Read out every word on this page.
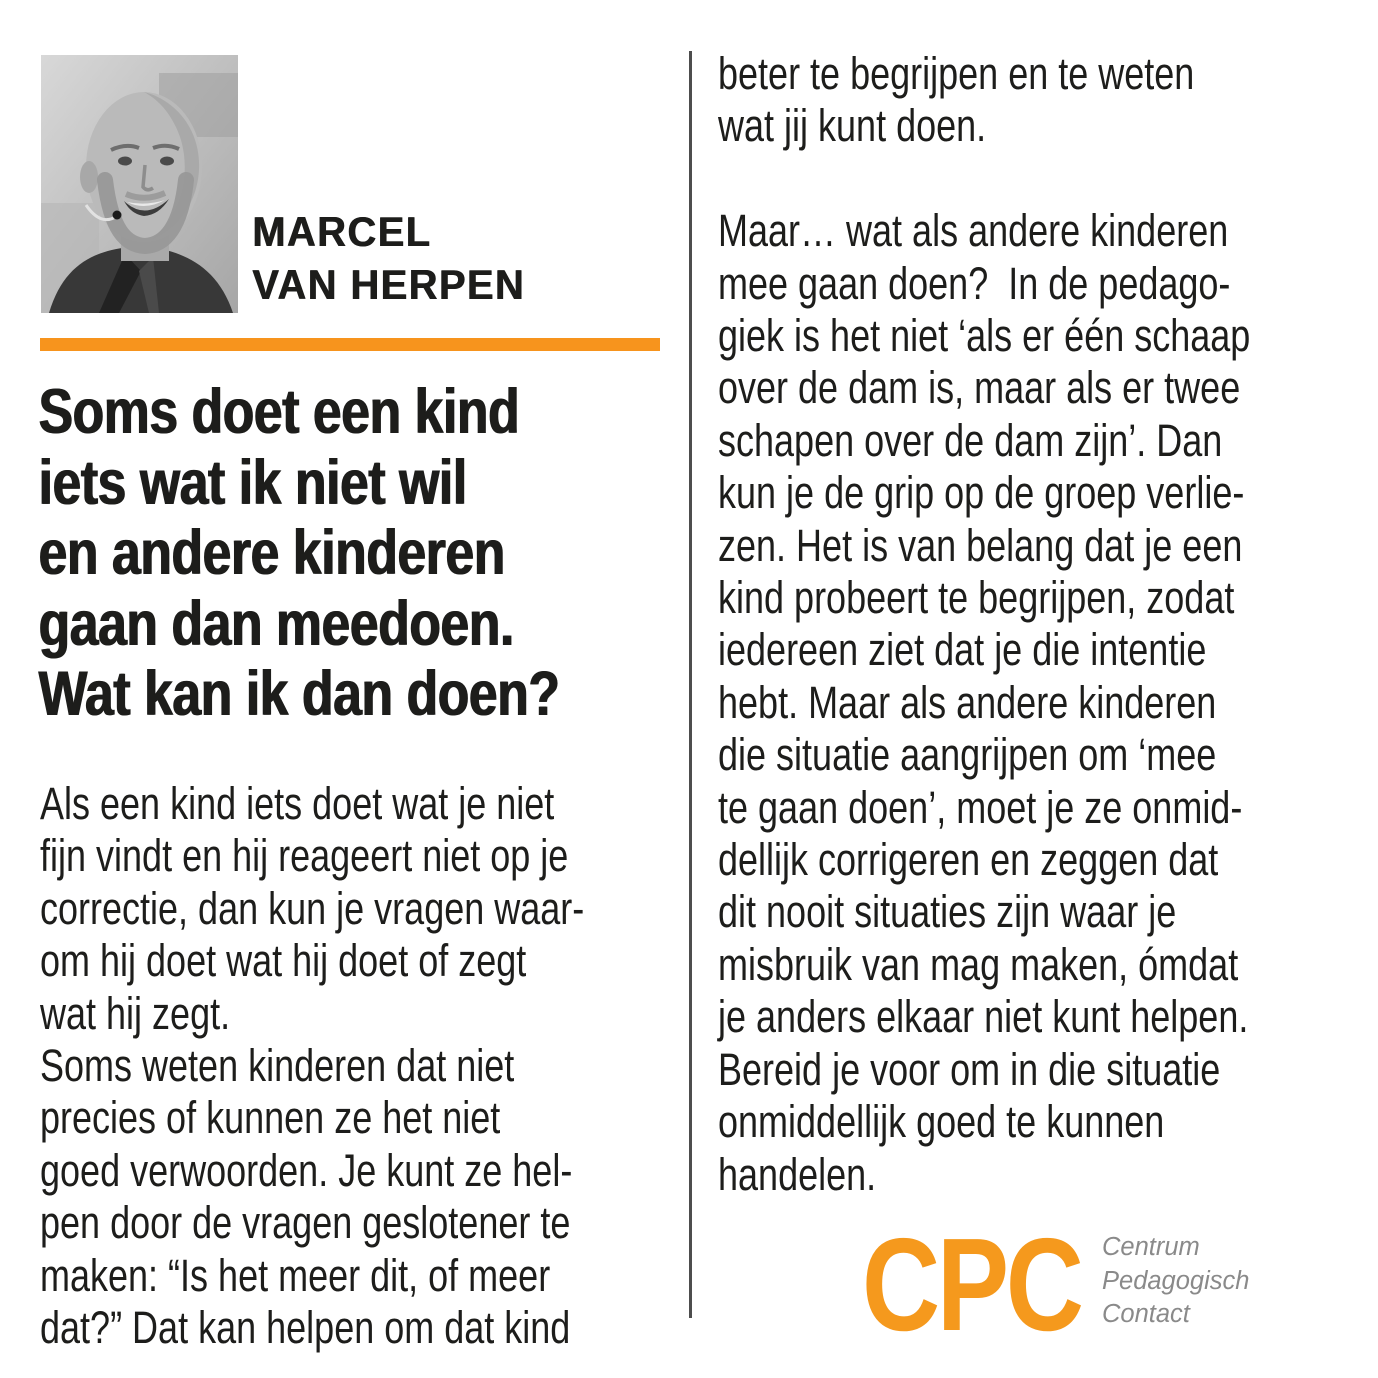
MARCEL
VAN HERPEN
Soms doet een kind
iets wat ik niet wil
en andere kinderen
gaan dan meedoen.
Wat kan ik dan doen?
Als een kind iets doet wat je niet
fijn vindt en hij reageert niet op je
correctie, dan kun je vragen waar-
om hij doet wat hij doet of zegt
wat hij zegt.
Soms weten kinderen dat niet
precies of kunnen ze het niet
goed verwoorden. Je kunt ze hel-
pen door de vragen geslotener te
maken: “Is het meer dit, of meer
dat?” Dat kan helpen om dat kind
beter te begrijpen en te weten
wat jij kunt doen.
Maar… wat als andere kinderen
mee gaan doen?  In de pedago-
giek is het niet ‘als er één schaap
over de dam is, maar als er twee
schapen over de dam zijn’. Dan
kun je de grip op de groep verlie-
zen. Het is van belang dat je een
kind probeert te begrijpen, zodat
iedereen ziet dat je die intentie
hebt. Maar als andere kinderen
die situatie aangrijpen om ‘mee
te gaan doen’, moet je ze onmid-
dellijk corrigeren en zeggen dat
dit nooit situaties zijn waar je
misbruik van mag maken, ómdat
je anders elkaar niet kunt helpen.
Bereid je voor om in die situatie
onmiddellijk goed te kunnen
handelen.
CPC Centrum
Pedagogisch
Contact
